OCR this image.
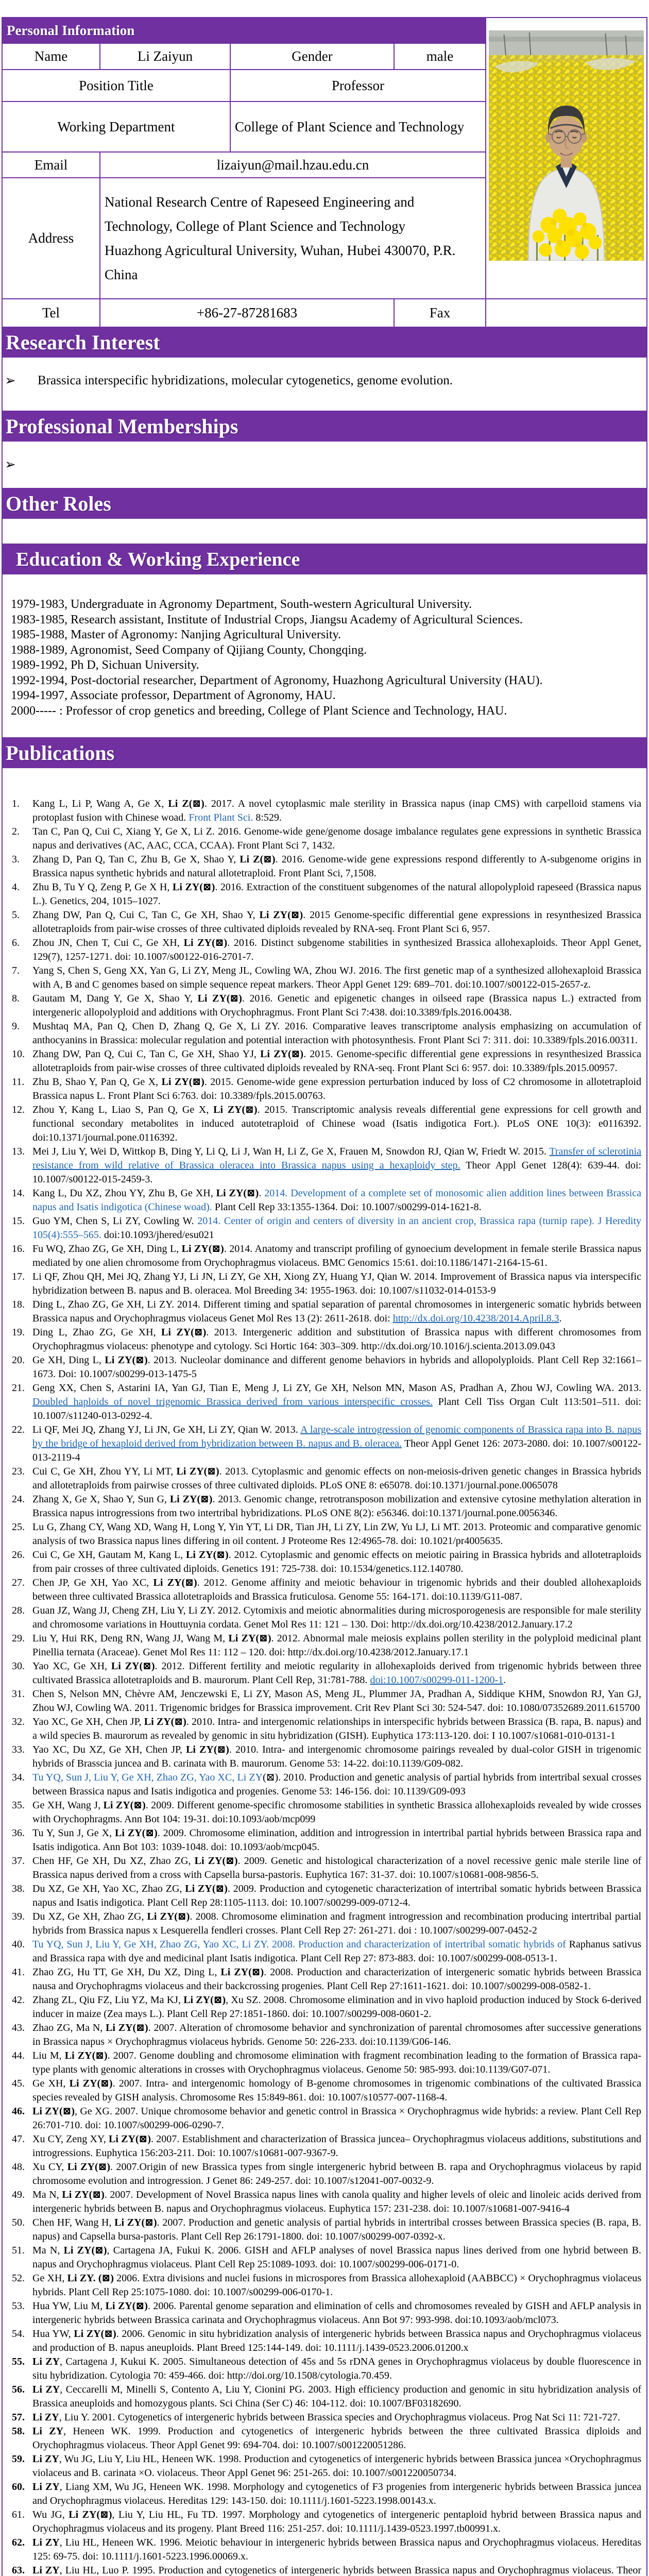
Personal Information	

Name	Li Zaiyun	Gender	male	
Position Title		Professor		
Working Department		College of Plant Science and Technology		
Email	lizaiyun@mail.hzau.edu.cn			
Address	National Research Centre of Rapeseed Engineering and Technology, College of Plant Science and Technology
Huazhong Agricultural University, Wuhan, Hubei 430070, P.R. China			
Tel	+86-27-87281683		Fax	
Research Interest
➢	Brassica interspecific hybridizations, molecular cytogenetics, genome evolution.
Professional Memberships
➢
Other Roles
Education & Working Experience
1979-1983, Undergraduate in Agronomy Department, South-western Agricultural University.
1983-1985, Research assistant, Institute of Industrial Crops, Jiangsu Academy of Agricultural Sciences.
1985-1988, Master of Agronomy: Nanjing Agricultural University.
1988-1989, Agronomist, Seed Company of Qijiang County, Chongqing.
1989-1992, Ph D, Sichuan University.
1992-1994, Post-doctorial researcher, Department of Agronomy, Huazhong Agricultural University (HAU).
1994-1997, Associate professor, Department of Agronomy, HAU.
2000----- : Professor of crop genetics and breeding, College of Plant Science and Technology, HAU.
Publications
1.	Kang L, Li P, Wang A, Ge X, Li Z(⊠). 2017. A novel cytoplasmic male sterility in Brassica napus (inap CMS) with carpelloid stamens via protoplast fusion with Chinese woad. Front Plant Sci. 8:529.
2.	Tan C, Pan Q, Cui C, Xiang Y, Ge X, Li Z. 2016. Genome-wide gene/genome dosage imbalance regulates gene expressions in synthetic Brassica napus and derivatives (AC, AAC, CCA, CCAA). Front Plant Sci 7, 1432.
3.	Zhang D, Pan Q, Tan C, Zhu B, Ge X, Shao Y, Li Z(⊠). 2016. Genome-wide gene expressions respond differently to A-subgenome origins in Brassica napus synthetic hybrids and natural allotetraploid. Front Plant Sci, 7,1508.
4.	Zhu B, Tu Y Q, Zeng P, Ge X H, Li ZY(⊠). 2016. Extraction of the constituent subgenomes of the natural allopolyploid rapeseed (Brassica napus L.). Genetics, 204, 1015–1027.
5.	Zhang DW, Pan Q, Cui C, Tan C, Ge XH, Shao Y, Li ZY(⊠). 2015 Genome-specific differential gene expressions in resynthesized Brassica allotetraploids from pair-wise crosses of three cultivated diploids revealed by RNA-seq. Front Plant Sci 6, 957.
6.	Zhou JN, Chen T, Cui C, Ge XH, Li ZY(⊠). 2016. Distinct subgenome stabilities in synthesized Brassica allohexaploids. Theor Appl Genet, 129(7), 1257-1271. doi: 10.1007/s00122-016-2701-7.
7.	Yang S, Chen S, Geng XX, Yan G, Li ZY, Meng JL, Cowling WA, Zhou WJ. 2016. The first genetic map of a synthesized allohexaploid Brassica with A, B and C genomes based on simple sequence repeat markers. Theor Appl Genet 129: 689–701. doi:10.1007/s00122-015-2657-z.
8.	Gautam M, Dang Y, Ge X, Shao Y, Li ZY(⊠). 2016. Genetic and epigenetic changes in oilseed rape (Brassica napus L.) extracted from intergeneric allopolyploid and additions with Orychophragmus. Front Plant Sci 7:438. doi:10.3389/fpls.2016.00438.
9.	Mushtaq MA, Pan Q, Chen D, Zhang Q, Ge X, Li ZY. 2016. Comparative leaves transcriptome analysis emphasizing on accumulation of anthocyanins in Brassica: molecular regulation and potential interaction with photosynthesis. Front Plant Sci 7: 311. doi: 10.3389/fpls.2016.00311.
10. Zhang DW, Pan Q, Cui C, Tan C, Ge XH, Shao YJ, Li ZY(⊠). 2015. Genome-specific differential gene expressions in resynthesized Brassica allotetraploids from pair-wise crosses of three cultivated diploids revealed by RNA-seq. Front Plant Sci 6: 957. doi: 10.3389/fpls.2015.00957.
11. Zhu B, Shao Y, Pan Q, Ge X, Li ZY(⊠). 2015. Genome-wide gene expression perturbation induced by loss of C2 chromosome in allotetraploid Brassica napus L. Front Plant Sci 6:763. doi: 10.3389/fpls.2015.00763.
12. Zhou Y, Kang L, Liao S, Pan Q, Ge X, Li ZY(⊠). 2015. Transcriptomic analysis reveals differential gene expressions for cell growth and functional secondary metabolites in induced autotetraploid of Chinese woad (Isatis indigotica Fort.). PLoS ONE 10(3): e0116392. doi:10.1371/journal.pone.0116392.
13. Mei J, Liu Y, Wei D, Wittkop B, Ding Y, Li Q, Li J, Wan H, Li Z, Ge X, Frauen M, Snowdon RJ, Qian W, Friedt W. 2015. Transfer of sclerotinia resistance from wild relative of Brassica oleracea into Brassica napus using a hexaploidy step. Theor Appl Genet 128(4): 639-44. doi: 10.1007/s00122-015-2459-3.
14. Kang L, Du XZ, Zhou YY, Zhu B, Ge XH, Li ZY(⊠). 2014. Development of a complete set of monosomic alien addition lines between Brassica napus and Isatis indigotica (Chinese woad). Plant Cell Rep 33:1355-1364. Doi: 10.1007/s00299-014-1621-8.
15. Guo YM, Chen S, Li ZY, Cowling W. 2014. Center of origin and centers of diversity in an ancient crop, Brassica rapa (turnip rape). J Heredity 105(4):555–565. doi:10.1093/jhered/esu021
16. Fu WQ, Zhao ZG, Ge XH, Ding L, Li ZY(⊠). 2014. Anatomy and transcript profiling of gynoecium development in female sterile Brassica napus mediated by one alien chromosome from Orychophragmus violaceus. BMC Genomics 15:61. doi:10.1186/1471-2164-15-61.
17. Li QF, Zhou QH, Mei JQ, Zhang YJ, Li JN, Li ZY, Ge XH, Xiong ZY, Huang YJ, Qian W. 2014. Improvement of Brassica napus via interspecific hybridization between B. napus and B. oleracea. Mol Breeding 34: 1955-1963. doi: 10.1007/s11032-014-0153-9
18. Ding L, Zhao ZG, Ge XH, Li ZY. 2014. Different timing and spatial separation of parental chromosomes in intergeneric somatic hybrids between Brassica napus and Orychophragmus violaceus Genet Mol Res 13 (2): 2611-2618. doi: http://dx.doi.org/10.4238/2014.April.8.3.
19. Ding L, Zhao ZG, Ge XH, Li ZY(⊠). 2013. Intergeneric addition and substitution of Brassica napus with different chromosomes from Orychophragmus violaceus: phenotype and cytology. Sci Hortic 164: 303–309. http://dx.doi.org/10.1016/j.scienta.2013.09.043
20. Ge XH, Ding L, Li ZY(⊠). 2013. Nucleolar dominance and different genome behaviors in hybrids and allopolyploids. Plant Cell Rep 32:1661–1673. Doi: 10.1007/s00299-013-1475-5
21. Geng XX, Chen S, Astarini IA, Yan GJ, Tian E, Meng J, Li ZY, Ge XH, Nelson MN, Mason AS, Pradhan A, Zhou WJ, Cowling WA. 2013. Doubled haploids of novel trigenomic Brassica derived from various interspecific crosses. Plant Cell Tiss Organ Cult 113:501–511. doi: 10.1007/s11240-013-0292-4.
22. Li QF, Mei JQ, Zhang YJ, Li JN, Ge XH, Li ZY, Qian W. 2013. A large-scale introgression of genomic components of Brassica rapa into B. napus by the bridge of hexaploid derived from hybridization between B. napus and B. oleracea. Theor Appl Genet 126: 2073-2080. doi: 10.1007/s00122-013-2119-4
23. Cui C, Ge XH, Zhou YY, Li MT, Li ZY(⊠). 2013. Cytoplasmic and genomic effects on non-meiosis-driven genetic changes in Brassica hybrids and allotetraploids from pairwise crosses of three cultivated diploids. PLoS ONE 8: e65078. doi:10.1371/journal.pone.0065078
24. Zhang X, Ge X, Shao Y, Sun G, Li ZY(⊠). 2013. Genomic change, retrotransposon mobilization and extensive cytosine methylation alteration in Brassica napus introgressions from two intertribal hybridizations. PLoS ONE 8(2): e56346. doi:10.1371/journal.pone.0056346.
25. Lu G, Zhang CY, Wang XD, Wang H, Long Y, Yin YT, Li DR, Tian JH, Li ZY, Lin ZW, Yu LJ, Li MT. 2013. Proteomic and comparative genomic analysis of two Brassica napus lines differing in oil content. J Proteome Res 12:4965-78. doi: 10.1021/pr4005635.
26. Cui C, Ge XH, Gautam M, Kang L, Li ZY(⊠). 2012. Cytoplasmic and genomic effects on meiotic pairing in Brassica hybrids and allotetraploids from pair crosses of three cultivated diploids. Genetics 191: 725-738. doi: 10.1534/genetics.112.140780.
27. Chen JP, Ge XH, Yao XC, Li ZY(⊠). 2012. Genome affinity and meiotic behaviour in trigenomic hybrids and their doubled allohexaploids between three cultivated Brassica allotetraploids and Brassica fruticulosa. Genome 55: 164-171. doi:10.1139/G11-087.
28. Guan JZ, Wang JJ, Cheng ZH, Liu Y, Li ZY. 2012. Cytomixis and meiotic abnormalities during microsporogenesis are responsible for male sterility and chromosome variations in Houttuynia cordata. Genet Mol Res 11: 121 – 130. Doi: http://dx.doi.org/10.4238/2012.January.17.2
29. Liu Y, Hui RK, Deng RN, Wang JJ, Wang M, Li ZY(⊠). 2012. Abnormal male meiosis explains pollen sterility in the polyploid medicinal plant Pinellia ternata (Araceae). Genet Mol Res 11: 112 – 120. doi: http://dx.doi.org/10.4238/2012.January.17.1
30. Yao XC, Ge XH, Li ZY(⊠). 2012. Different fertility and meiotic regularity in allohexaploids derived from trigenomic hybrids between three cultivated Brassica allotetraploids and B. maurorum. Plant Cell Rep, 31:781-788. doi:10.1007/s00299-011-1200-1.
31. Chen S, Nelson MN, Chèvre AM, Jenczewski E, Li ZY, Mason AS, Meng JL, Plummer JA, Pradhan A, Siddique KHM, Snowdon RJ, Yan GJ, Zhou WJ, Cowling WA. 2011. Trigenomic bridges for Brassica improvement. Crit Rev Plant Sci 30: 524-547. doi: 10.1080/07352689.2011.615700
32. Yao XC, Ge XH, Chen JP, Li ZY(⊠). 2010. Intra- and intergenomic relationships in interspecific hybrids between Brassica (B. rapa, B. napus) and a wild species B. maurorum as revealed by genomic in situ hybridization (GISH). Euphytica 173:113-120. doi: I 10.1007/s10681-010-0131-1
33. Yao XC, Du XZ, Ge XH, Chen JP, Li ZY(⊠). 2010. Intra- and intergenomic chromosome pairings revealed by dual-color GISH in trigenomic hybrids of Brasscia juncea and B. carinata with B. maurorum. Genome 53: 14-22. doi:10.1139/G09-082.
34. Tu YQ, Sun J, Liu Y, Ge XH, Zhao ZG, Yao XC, Li ZY(⊠). 2010. Production and genetic analysis of partial hybrids from intertribal sexual crosses between Brassica napus and Isatis indigotica and progenies. Genome 53: 146-156. doi: 10.1139/G09-093
35. Ge XH, Wang J, Li ZY(⊠). 2009. Different genome-specific chromosome stabilities in synthetic Brassica allohexaploids revealed by wide crosses with Orychophragms. Ann Bot 104: 19-31. doi:10.1093/aob/mcp099
36. Tu Y, Sun J, Ge X, Li ZY(⊠). 2009. Chromosome elimination, addition and introgression in intertribal partial hybrids between Brassica rapa and Isatis indigotica. Ann Bot 103: 1039-1048. doi: 10.1093/aob/mcp045.
37. Chen HF, Ge XH, Du XZ, Zhao ZG, Li ZY(⊠). 2009. Genetic and histological characterization of a novel recessive genic male sterile line of Brassica napus derived from a cross with Capsella bursa-pastoris. Euphytica 167: 31-37. doi: 10.1007/s10681-008-9856-5.
38. Du XZ, Ge XH, Yao XC, Zhao ZG, Li ZY(⊠). 2009. Production and cytogenetic characterization of intertribal somatic hybrids between Brassica napus and Isatis indigotica. Plant Cell Rep 28:1105-1113. doi: 10.1007/s00299-009-0712-4.
39. Du XZ, Ge XH, Zhao ZG, Li ZY(⊠). 2008. Chromosome elimination and fragment introgression and recombination producing intertribal partial hybrids from Brassica napus x Lesquerella fendleri crosses. Plant Cell Rep 27: 261-271. doi : 10.1007/s00299-007-0452-2
40. Tu YQ, Sun J, Liu Y, Ge XH, Zhao ZG, Yao XC, Li ZY. 2008. Production and characterization of intertribal somatic hybrids of Raphanus sativus and Brassica rapa with dye and medicinal plant Isatis indigotica. Plant Cell Rep 27: 873-883. doi: 10.1007/s00299-008-0513-1.
41. Zhao ZG, Hu TT, Ge XH, Du XZ, Ding L, Li ZY(⊠). 2008. Production and characterization of intergeneric somatic hybrids between Brassica nausa and Orychophragms violaceus and their backcrossing progenies. Plant Cell Rep 27:1611-1621. doi: 10.1007/s00299-008-0582-1.
42. Zhang ZL, Qiu FZ, Liu YZ, Ma KJ, Li ZY(⊠), Xu SZ. 2008. Chromosome elimination and in vivo haploid production induced by Stock 6-derived inducer in maize (Zea mays L.). Plant Cell Rep 27:1851-1860. doi: 10.1007/s00299-008-0601-2.
43. Zhao ZG, Ma N, Li ZY(⊠). 2007. Alteration of chromosome behavior and synchronization of parental chromosomes after successive generations in Brassica napus × Orychophragmus violaceus hybrids. Genome 50: 226-233. doi:10.1139/G06-146.
44. Liu M, Li ZY(⊠). 2007. Genome doubling and chromosome elimination with fragment recombination leading to the formation of Brassica rapa-type plants with genomic alterations in crosses with Orychophragmus violaceus. Genome 50: 985-993. doi:10.1139/G07-071.
45. Ge XH, Li ZY(⊠). 2007. Intra- and intergenomic homology of B-genome chromosomes in trigenomic combinations of the cultivated Brassica species revealed by GISH analysis. Chromosome Res 15:849-861. doi: 10.1007/s10577-007-1168-4.
46. Li ZY(⊠), Ge XG. 2007. Unique chromosome behavior and genetic control in Brassica × Orychophragmus wide hybrids: a review. Plant Cell Rep 26:701-710. doi: 10.1007/s00299-006-0290-7.
47. Xu CY, Zeng XY, Li ZY(⊠). 2007. Establishment and characterization of Brassica juncea– Orychophragmus violaceus additions, substitutions and introgressions. Euphytica 156:203-211. Doi: 10.1007/s10681-007-9367-9.
48. Xu CY, Li ZY(⊠). 2007.Origin of new Brassica types from single intergeneric hybrid between B. rapa and Orychophragmus violaceus by rapid chromosome evolution and introgression. J Genet 86: 249-257. doi: 10.1007/s12041-007-0032-9.
49. Ma N, Li ZY(⊠). 2007. Development of Novel Brassica napus lines with canola quality and higher levels of oleic and linoleic acids derived from intergeneric hybrids between B. napus and Orychophragmus violaceus. Euphytica 157: 231-238. doi: 10.1007/s10681-007-9416-4
50. Chen HF, Wang H, Li ZY(⊠). 2007. Production and genetic analysis of partial hybrids in intertribal crosses between Brassica species (B. rapa, B. napus) and Capsella bursa-pastoris. Plant Cell Rep 26:1791-1800. doi: 10.1007/s00299-007-0392-x.
51. Ma N, Li ZY(⊠), Cartagena JA, Fukui K. 2006. GISH and AFLP analyses of novel Brassica napus lines derived from one hybrid between B. napus and Orychophragmus violaceus. Plant Cell Rep 25:1089-1093. doi: 10.1007/s00299-006-0171-0.
52. Ge XH, Li ZY. (⊠) 2006. Extra divisions and nuclei fusions in microspores from Brassica allohexaploid (AABBCC) × Orychophragmus violaceus hybrids. Plant Cell Rep 25:1075-1080. doi: 10.1007/s00299-006-0170-1.
53. Hua YW, Liu M, Li ZY(⊠). 2006. Parental genome separation and elimination of cells and chromosomes revealed by GISH and AFLP analysis in intergeneric hybrids between Brassica carinata and Orychophragmus violaceus. Ann Bot 97: 993-998. doi:10.1093/aob/mcl073.
54. Hua YW, Li ZY(⊠). 2006. Genomic in situ hybridization analysis of intergeneric hybrids between Brassica napus and Orychophragmus violaceus and production of B. napus aneuploids. Plant Breed 125:144-149. doi: 10.1111/j.1439-0523.2006.01200.x
55. Li ZY, Cartagena J, Kukui K. 2005. Simultaneous detection of 45s and 5s rDNA genes in Orychophragmus violaceus by double fluorescence in situ hybridization. Cytologia 70: 459-466. doi: http://doi.org/10.1508/cytologia.70.459.
56. Li ZY, Ceccarelli M, Minelli S, Contento A, Liu Y, Cionini PG. 2003. High efficiency production and genomic in situ hybridization analysis of Brassica aneuploids and homozygous plants. Sci China (Ser C) 46: 104-112. doi: 10.1007/BF03182690.
57. Li ZY, Liu Y. 2001. Cytogenetics of intergeneric hybrids between Brassica species and Orychophragmus violaceus. Prog Nat Sci 11: 721-727.
58. Li ZY, Heneen WK. 1999. Production and cytogenetics of intergeneric hybrids between the three cultivated Brassica diploids and Orychophragmus violaceus. Theor Appl Genet 99: 694-704. doi: 10.1007/s001220051286.
59. Li ZY, Wu JG, Liu Y, Liu HL, Heneen WK. 1998. Production and cytogenetics of intergeneric hybrids between Brassica juncea ×Orychophragmus violaceus and B. carinata ×O. violaceus. Theor Appl Genet 96: 251-265. doi: 10.1007/s001220050734.
60. Li ZY, Liang XM, Wu JG, Heneen WK. 1998. Morphology and cytogenetics of F3 progenies from intergeneric hybrids between Brassica juncea and Orychophragmus violaceus. Hereditas 129: 143-150. doi: 10.1111/j.1601-5223.1998.00143.x.
61. Wu JG, Li ZY(⊠), Liu Y, Liu HL, Fu TD. 1997. Morphology and cytogenetics of intergeneric pentaploid hybrid between Brassica napus and Orychophragmus violaceus and its progeny. Plant Breed 116: 251-257. doi: 10.1111/j.1439-0523.1997.tb00991.x.
62. Li ZY, Liu HL, Heneen WK. 1996. Meiotic behaviour in intergeneric hybrids between Brassica napus and Orychophragmus violaceus. Hereditas 125: 69-75. doi: 10.1111/j.1601-5223.1996.00069.x.
63. Li ZY, Liu HL, Luo P. 1995. Production and cytogenetics of intergeneric hybrids between Brassica napus and Orychophragmus violaceus. Theor
